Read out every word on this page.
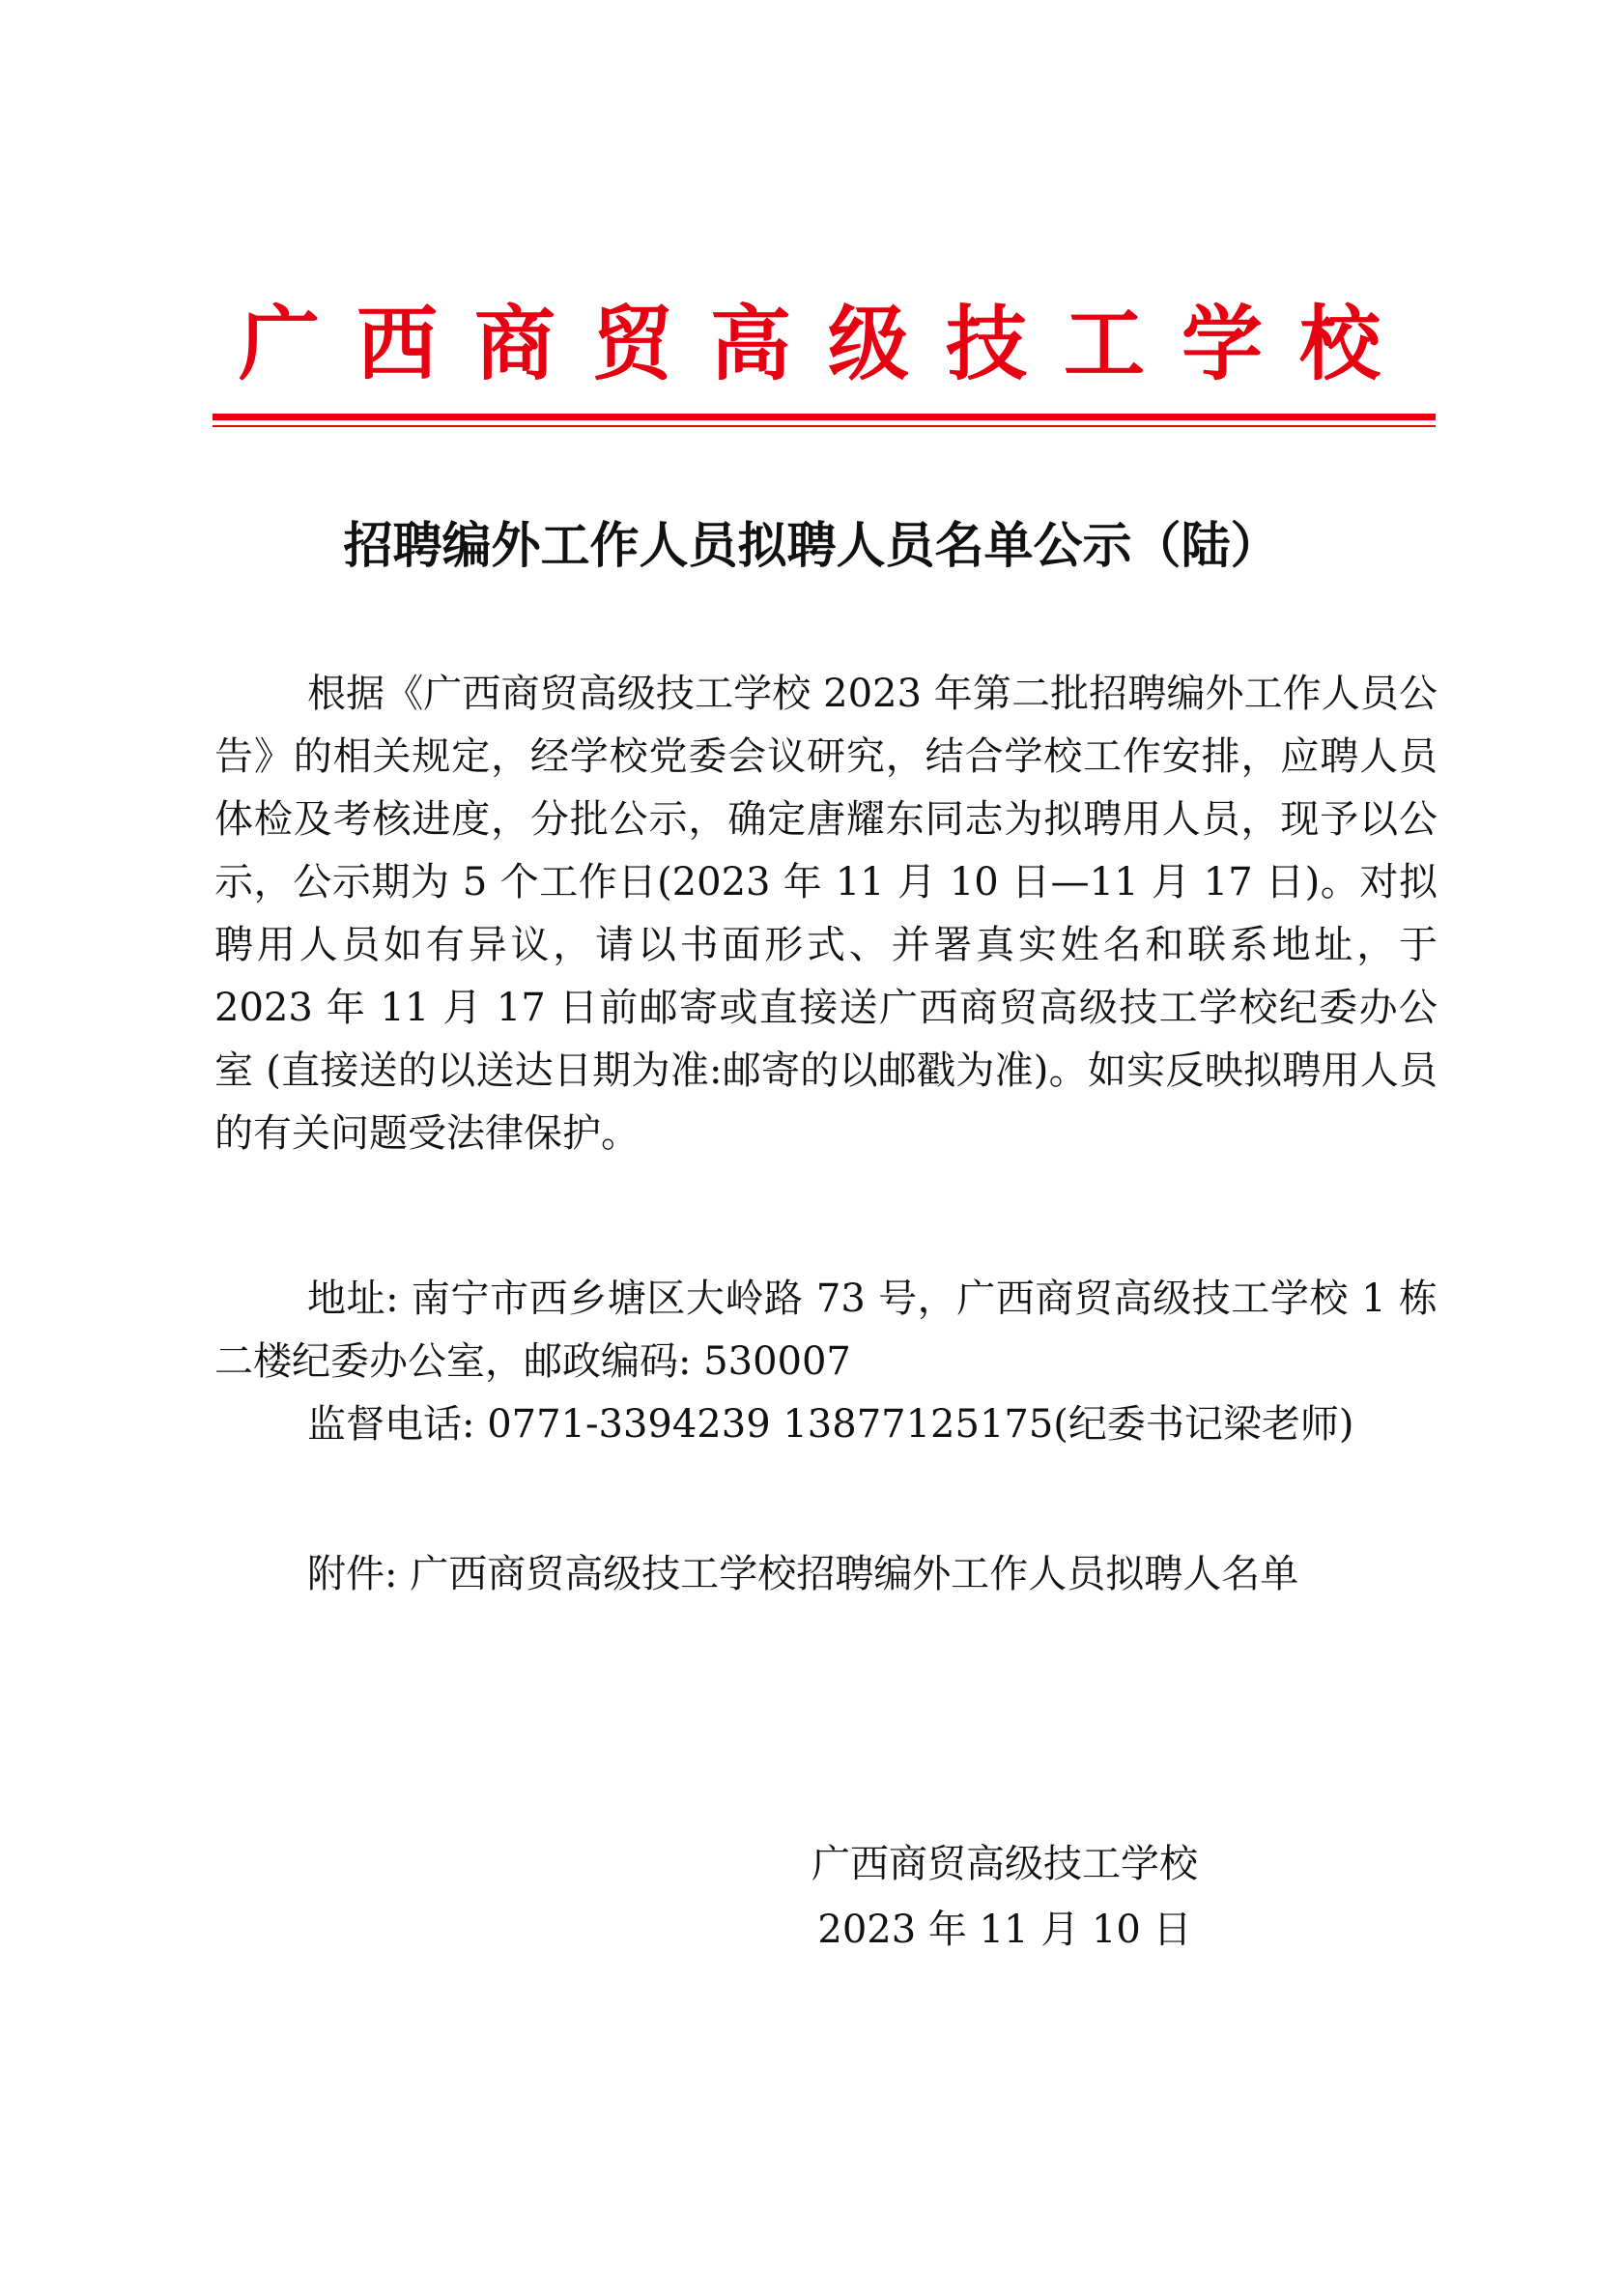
广西商贸高级技工学校
招聘编外工作人员拟聘人员名单公示（陆）
根据《广西商贸高级技工学校 2023 年第二批招聘编外工作人员公告》的相关规定，经学校党委会议研究，结合学校工作安排，应聘人员体检及考核进度，分批公示，确定唐耀东同志为拟聘用人员，现予以公示，公示期为 5 个工作日(2023 年 11 月 10 日—11 月 17 日)。对拟聘用人员如有异议，请以书面形式、并署真实姓名和联系地址，于 2023 年 11 月 17 日前邮寄或直接送广西商贸高级技工学校纪委办公室 (直接送的以送达日期为准:邮寄的以邮戳为准)。如实反映拟聘用人员的有关问题受法律保护。
地址: 南宁市西乡塘区大岭路 73 号，广西商贸高级技工学校 1 栋二楼纪委办公室，邮政编码: 530007
监督电话: 0771-3394239 13877125175(纪委书记梁老师)
附件: 广西商贸高级技工学校招聘编外工作人员拟聘人名单
广西商贸高级技工学校
2023 年 11 月 10 日
